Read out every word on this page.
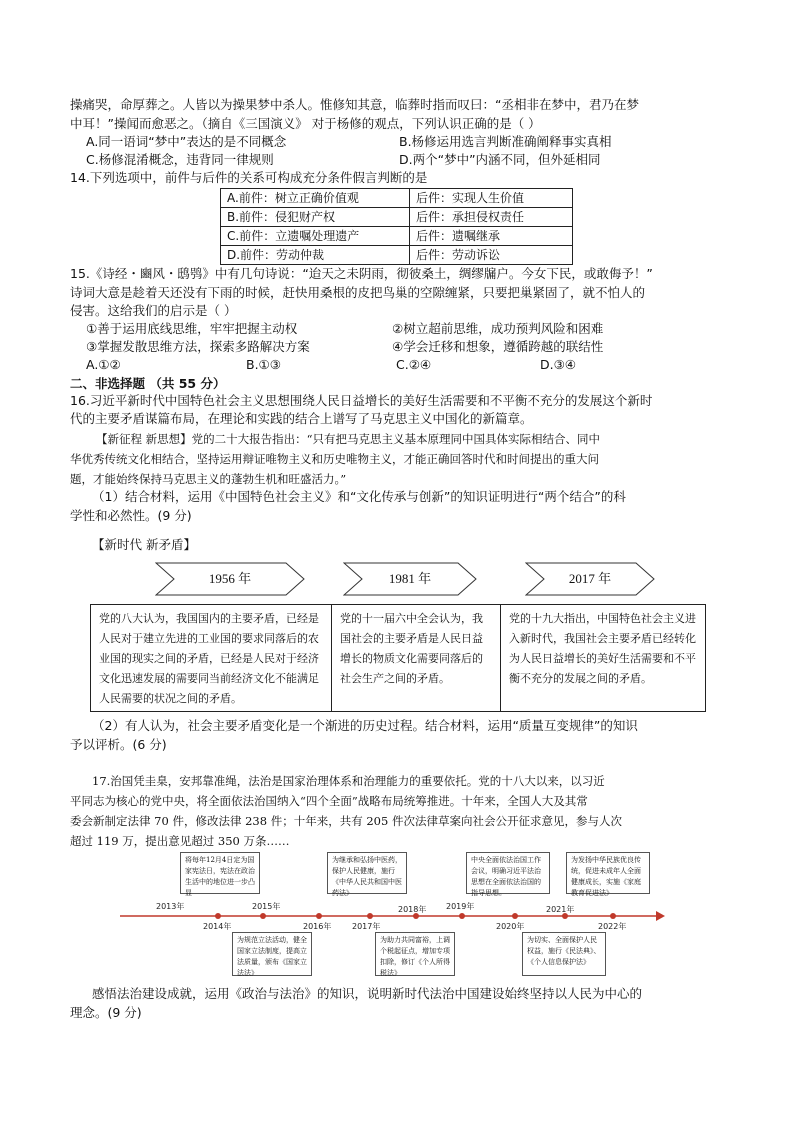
操痛哭，命厚葬之。人皆以为操果梦中杀人。惟修知其意，临葬时指而叹曰：“丞相非在梦中，君乃在梦
中耳！”操闻而愈恶之。（摘自《三国演义》 对于杨修的观点，下列认识正确的是（ ）
A.同一语词“梦中”表达的是不同概念	B.杨修运用选言判断准确阐释事实真相
C.杨修混淆概念，违背同一律规则	D.两个“梦中”内涵不同，但外延相同
14.下列选项中，前件与后件的关系可构成充分条件假言判断的是
A.前件：树立正确价值观	后件：实现人生价值
B.前件：侵犯财产权	后件：承担侵权责任
C.前件：立遗嘱处理遗产	后件：遗嘱继承
D.前件：劳动仲裁	后件：劳动诉讼
15.《诗经・豳风・鸱鸮》中有几句诗说：“迨天之未阴雨，彻彼桑土，绸缪牖户。今女下民，或敢侮予！”
诗词大意是趁着天还没有下雨的时候，赶快用桑根的皮把鸟巢的空隙缠紧，只要把巢紧固了，就不怕人的
侵害。这给我们的启示是（ ）
①善于运用底线思维，牢牢把握主动权	②树立超前思维，成功预判风险和困难
③掌握发散思维方法，探索多路解决方案	④学会迁移和想象，遵循跨越的联结性
A.①②	B.①③	C.②④	D.③④
二、非选择题 （共 55 分）
16.习近平新时代中国特色社会主义思想围绕人民日益增长的美好生活需要和不平衡不充分的发展这个新时
代的主要矛盾谋篇布局，在理论和实践的结合上谱写了马克思主义中国化的新篇章。
【新征程 新思想】党的二十大报告指出：“只有把马克思主义基本原理同中国具体实际相结合、同中
华优秀传统文化相结合，坚持运用辩证唯物主义和历史唯物主义，才能正确回答时代和时间提出的重大问
题，才能始终保持马克思主义的蓬勃生机和旺盛活力。”
（1）结合材料，运用《中国特色社会主义》和“文化传承与创新”的知识证明进行“两个结合”的科
学性和必然性。(9 分)
【新时代 新矛盾】
1956 年	1981 年	2017 年
党的八大认为，我国国内的主要矛盾，已经是人民对于建立先进的工业国的要求同落后的农业国的现实之间的矛盾，已经是人民对于经济文化迅速发展的需要同当前经济文化不能满足人民需要的状况之间的矛盾。
党的十一届六中全会认为，我国社会的主要矛盾是人民日益增长的物质文化需要同落后的社会生产之间的矛盾。
党的十九大指出，中国特色社会主义进入新时代，我国社会主要矛盾已经转化为人民日益增长的美好生活需要和不平衡不充分的发展之间的矛盾。
（2）有人认为，社会主要矛盾变化是一个渐进的历史过程。结合材料，运用“质量互变规律”的知识
予以评析。(6 分)
17.治国凭圭臬，安邦靠准绳，法治是国家治理体系和治理能力的重要依托。党的十八大以来，以习近
平同志为核心的党中央，将全面依法治国纳入“四个全面”战略布局统筹推进。十年来，全国人大及其常
委会新制定法律 70 件，修改法律 238 件；十年来，共有 205 件次法律草案向社会公开征求意见，参与人次
超过 119 万，提出意见超过 350 万条……
2013年
2014年
2015年
2016年	2017年
2018年 2019年
2020年
2021年
2022年
将每年12月4日定为国家宪法日，宪法在政治生活中的地位进一步凸显
为继承和弘扬中医药，保护人民健康，施行《中华人民共和国中医药法》
中央全面依法治国工作会议，明确习近平法治思想在全面依法治国的指导思想。
为发扬中华民族优良传统，促进未成年人全面健康成长，实施《家庭教育促进法》
为规范立法活动，健全国家立法制度，提高立法质量，颁布《国家立法法》
为助力共同富裕，上调个税起征点，增加专项扣除，修订《个人所得税法》
为切实、全面保护人民权益，施行《民法典》、《个人信息保护法》
感悟法治建设成就，运用《政治与法治》的知识，说明新时代法治中国建设始终坚持以人民为中心的
理念。(9 分)
